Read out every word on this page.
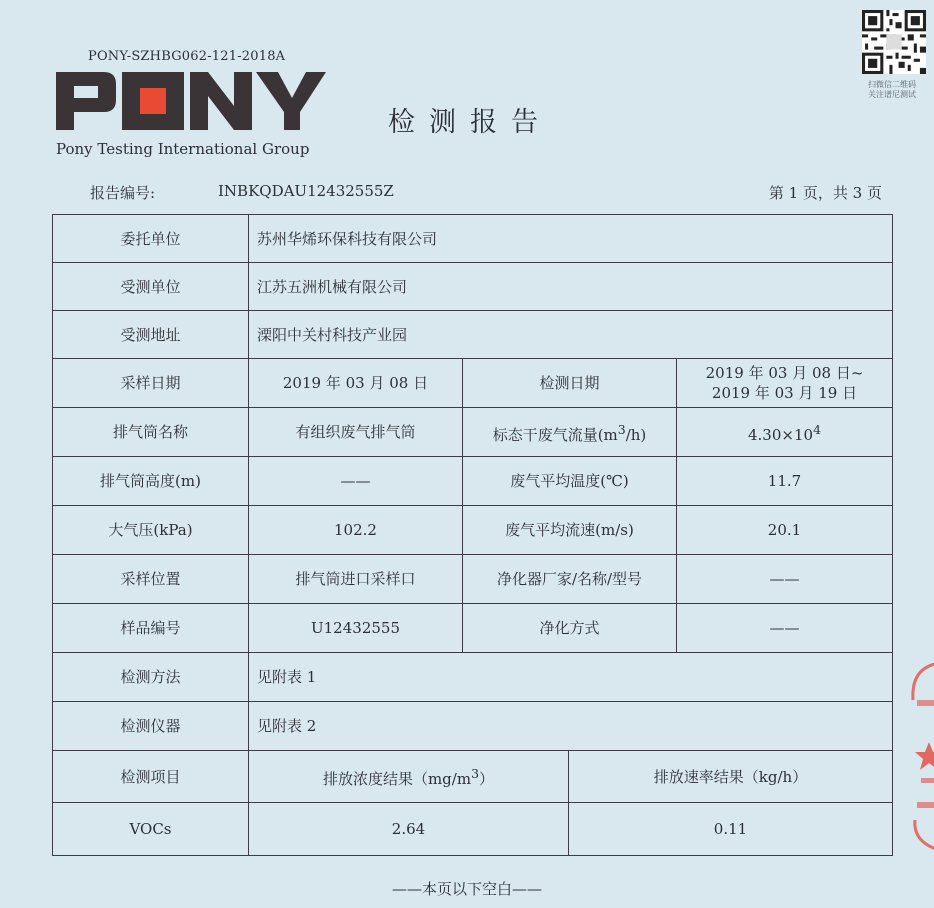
PONY-SZHBG062-121-2018A
Pony Testing International Group
检测报告
扫微信二维码
关注谱尼测试
报告编号:	INBKQDAU12432555Z	第 1 页，共 3 页
委托单位	苏州华烯环保科技有限公司			
受测单位	江苏五洲机械有限公司			
受测地址	溧阳中关村科技产业园			
采样日期	2019 年 03 月 08 日	检测日期		2019 年 03 月 08 日~
2019 年 03 月 19 日

排气筒名称	有组织废气排气筒	标态干废气流量$(m^3/h)$		$4.30\times 10^4$
排气筒高度(m)	——	废气平均温度(℃)		11.7
大气压(kPa)	102.2	废气平均流速(m/s)		20.1
采样位置	排气筒进口采样口	净化器厂家/名称/型号		——
样品编号	U12432555	净化方式		——
检测方法	见附表 1			
检测仪器	见附表 2			
检测项目	排放浓度结果$(mg/m^3)$		排放速率结果（kg/h）	
VOCs	2.64		0.11	
——本页以下空白——
